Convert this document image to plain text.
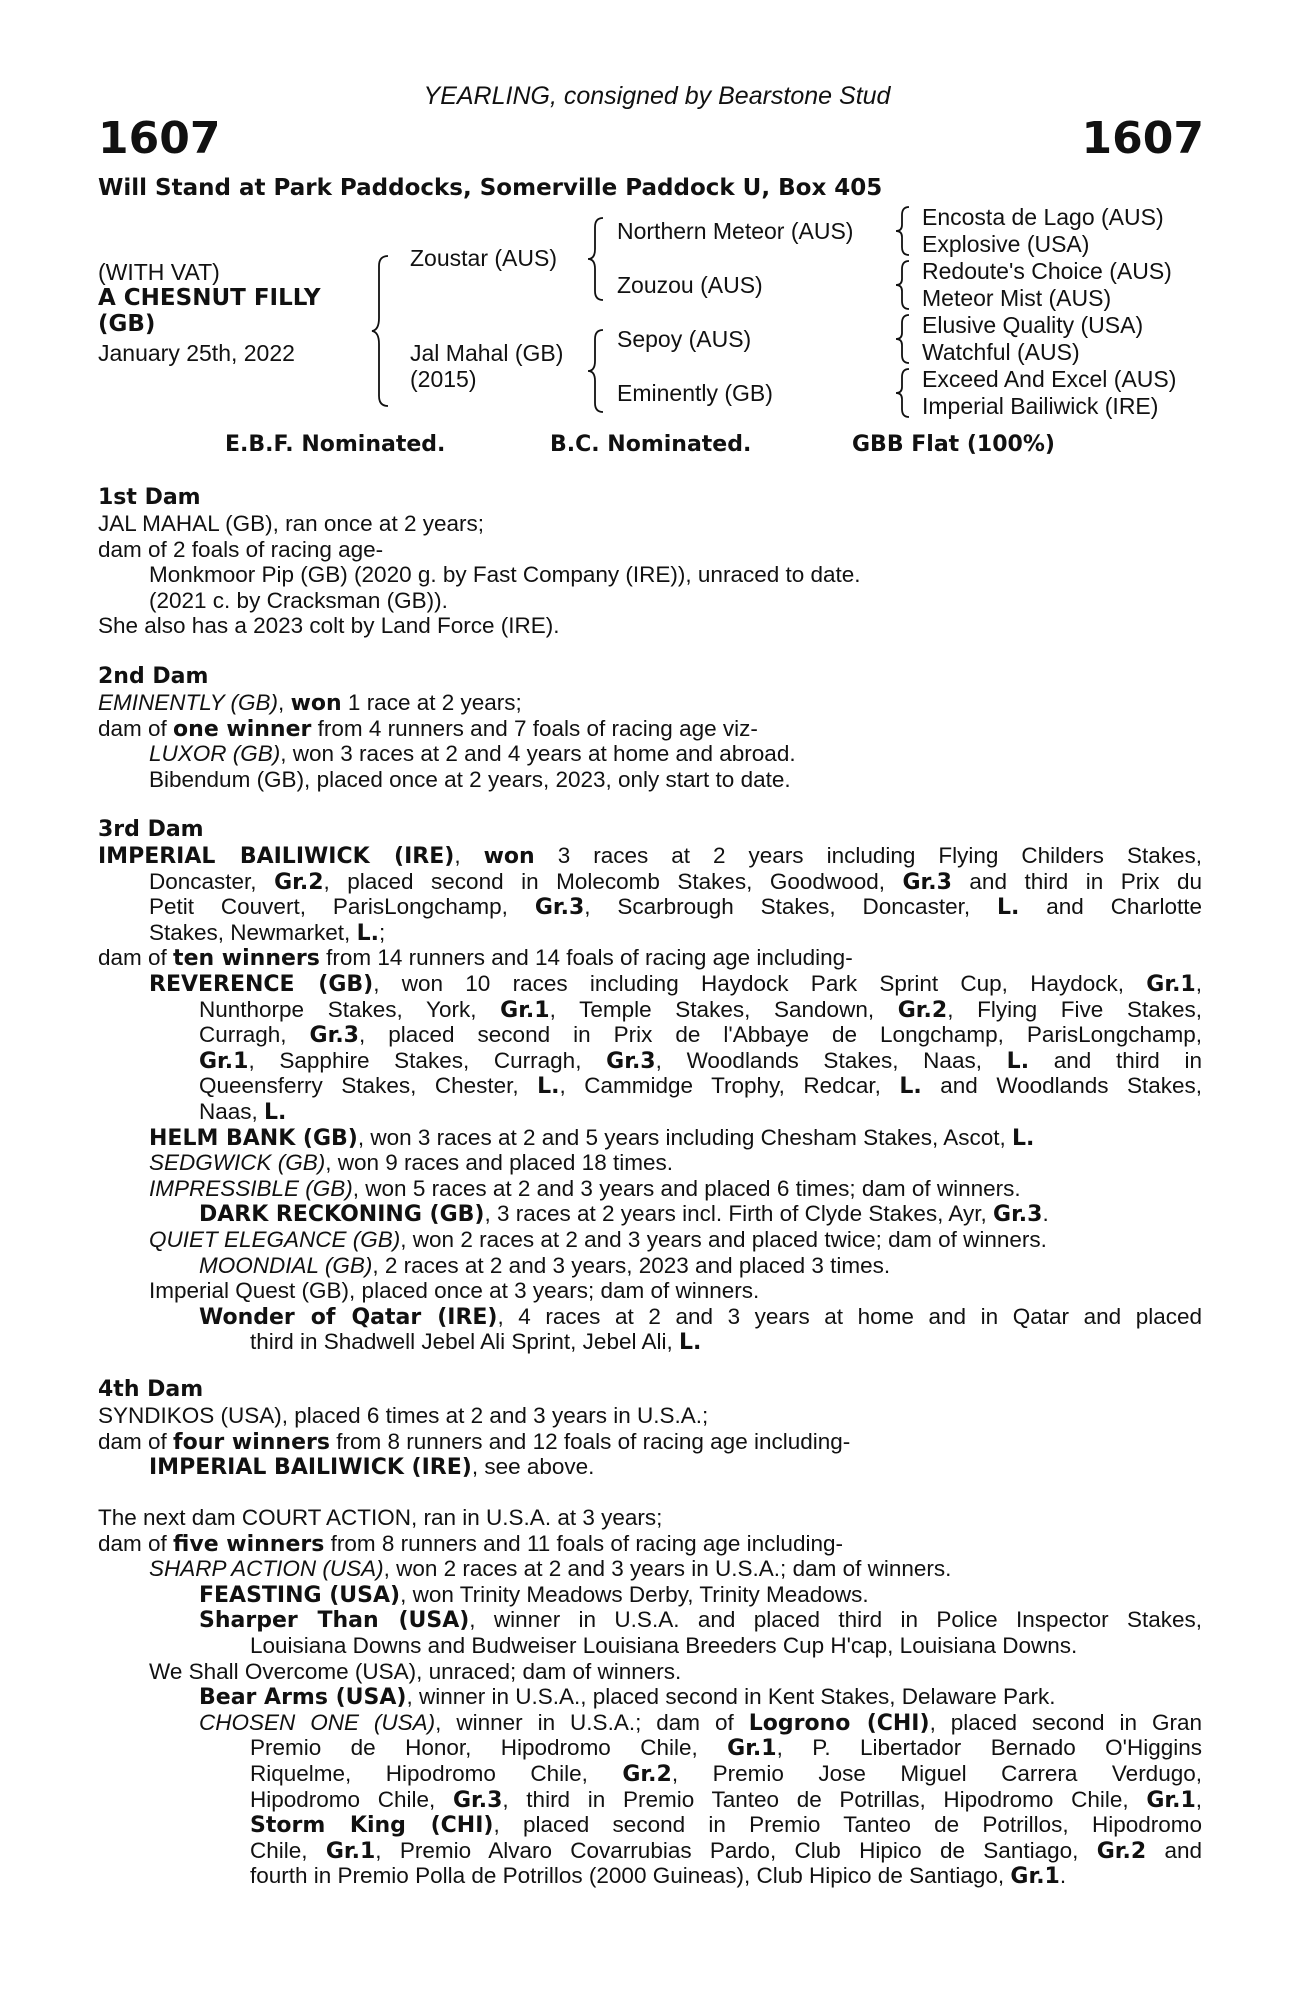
YEARLING, consigned by Bearstone Stud
1607	1607
Will Stand at Park Paddocks, Somerville Paddock U, Box 405
(WITH VAT)
A CHESNUT FILLY
(GB)
January 25th, 2022
Zoustar (AUS)
Jal Mahal (GB)
(2015)
Northern Meteor (AUS)
Zouzou (AUS)
Sepoy (AUS)
Eminently (GB)
Encosta de Lago (AUS)
Explosive (USA)
Redoute's Choice (AUS)
Meteor Mist (AUS)
Elusive Quality (USA)
Watchful (AUS)
Exceed And Excel (AUS)
Imperial Bailiwick (IRE)
E.B.F. Nominated.	B.C. Nominated.	GBB Flat (100%)
1st Dam
JAL MAHAL (GB), ran once at 2 years;
dam of 2 foals of racing age-
Monkmoor Pip (GB) (2020 g. by Fast Company (IRE)), unraced to date.
(2021 c. by Cracksman (GB)).
She also has a 2023 colt by Land Force (IRE).
2nd Dam
EMINENTLY (GB), won 1 race at 2 years;
dam of one winner from 4 runners and 7 foals of racing age viz-
LUXOR (GB), won 3 races at 2 and 4 years at home and abroad.
Bibendum (GB), placed once at 2 years, 2023, only start to date.
3rd Dam
IMPERIAL BAILIWICK (IRE), won 3 races at 2 years including Flying Childers Stakes,
Doncaster, Gr.2, placed second in Molecomb Stakes, Goodwood, Gr.3 and third in Prix du
Petit Couvert, ParisLongchamp, Gr.3, Scarbrough Stakes, Doncaster, L. and Charlotte
Stakes, Newmarket, L.;
dam of ten winners from 14 runners and 14 foals of racing age including-
REVERENCE (GB), won 10 races including Haydock Park Sprint Cup, Haydock, Gr.1,
Nunthorpe Stakes, York, Gr.1, Temple Stakes, Sandown, Gr.2, Flying Five Stakes,
Curragh, Gr.3, placed second in Prix de l'Abbaye de Longchamp, ParisLongchamp,
Gr.1, Sapphire Stakes, Curragh, Gr.3, Woodlands Stakes, Naas, L. and third in
Queensferry Stakes, Chester, L., Cammidge Trophy, Redcar, L. and Woodlands Stakes,
Naas, L.
HELM BANK (GB), won 3 races at 2 and 5 years including Chesham Stakes, Ascot, L.
SEDGWICK (GB), won 9 races and placed 18 times.
IMPRESSIBLE (GB), won 5 races at 2 and 3 years and placed 6 times; dam of winners.
DARK RECKONING (GB), 3 races at 2 years incl. Firth of Clyde Stakes, Ayr, Gr.3.
QUIET ELEGANCE (GB), won 2 races at 2 and 3 years and placed twice; dam of winners.
MOONDIAL (GB), 2 races at 2 and 3 years, 2023 and placed 3 times.
Imperial Quest (GB), placed once at 3 years; dam of winners.
Wonder of Qatar (IRE), 4 races at 2 and 3 years at home and in Qatar and placed
third in Shadwell Jebel Ali Sprint, Jebel Ali, L.
4th Dam
SYNDIKOS (USA), placed 6 times at 2 and 3 years in U.S.A.;
dam of four winners from 8 runners and 12 foals of racing age including-
IMPERIAL BAILIWICK (IRE), see above.
The next dam COURT ACTION, ran in U.S.A. at 3 years;
dam of five winners from 8 runners and 11 foals of racing age including-
SHARP ACTION (USA), won 2 races at 2 and 3 years in U.S.A.; dam of winners.
FEASTING (USA), won Trinity Meadows Derby, Trinity Meadows.
Sharper Than (USA), winner in U.S.A. and placed third in Police Inspector Stakes,
Louisiana Downs and Budweiser Louisiana Breeders Cup H'cap, Louisiana Downs.
We Shall Overcome (USA), unraced; dam of winners.
Bear Arms (USA), winner in U.S.A., placed second in Kent Stakes, Delaware Park.
CHOSEN ONE (USA), winner in U.S.A.; dam of Logrono (CHI), placed second in Gran
Premio de Honor, Hipodromo Chile, Gr.1, P. Libertador Bernado O'Higgins
Riquelme, Hipodromo Chile, Gr.2, Premio Jose Miguel Carrera Verdugo,
Hipodromo Chile, Gr.3, third in Premio Tanteo de Potrillas, Hipodromo Chile, Gr.1,
Storm King (CHI), placed second in Premio Tanteo de Potrillos, Hipodromo
Chile, Gr.1, Premio Alvaro Covarrubias Pardo, Club Hipico de Santiago, Gr.2 and
fourth in Premio Polla de Potrillos (2000 Guineas), Club Hipico de Santiago, Gr.1.
